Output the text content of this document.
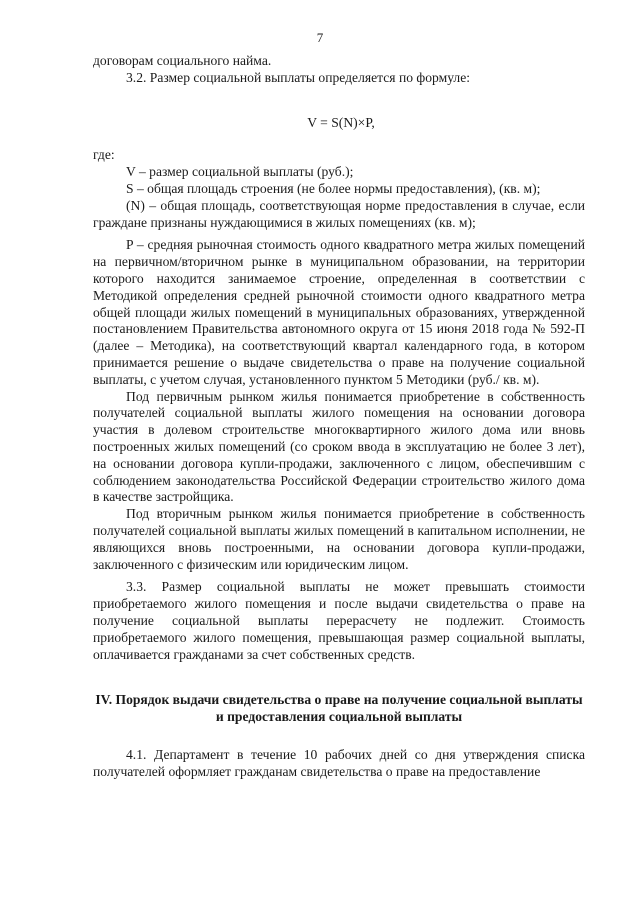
7

договорам социального найма.

3.2. Размер социальной выплаты определяется по формуле:

V = S(N)×P,

где:

V – размер социальной выплаты (руб.);

S – общая площадь строения (не более нормы предоставления), (кв. м);

(N) – общая площадь, соответствующая норме предоставления в случае, если граждане признаны нуждающимися в жилых помещениях (кв. м);

P – средняя рыночная стоимость одного квадратного метра жилых помещений на первичном/вторичном рынке в муниципальном образовании, на территории которого находится занимаемое строение, определенная в соответствии с Методикой определения средней рыночной стоимости одного квадратного метра общей площади жилых помещений в муниципальных образованиях, утвержденной постановлением Правительства автономного округа от 15 июня 2018 года № 592-П (далее – Методика), на соответствующий квартал календарного года, в котором принимается решение о выдаче свидетельства о праве на получение социальной выплаты, с учетом случая, установленного пунктом 5 Методики (руб./ кв. м).

Под первичным рынком жилья понимается приобретение в собственность получателей социальной выплаты жилого помещения на основании договора участия в долевом строительстве многоквартирного жилого дома или вновь построенных жилых помещений (со сроком ввода в эксплуатацию не более 3 лет), на основании договора купли-продажи, заключенного с лицом, обеспечившим с соблюдением законодательства Российской Федерации строительство жилого дома в качестве застройщика.

Под вторичным рынком жилья понимается приобретение в собственность получателей социальной выплаты жилых помещений в капитальном исполнении, не являющихся вновь построенными, на основании договора купли-продажи, заключенного с физическим или юридическим лицом.

3.3. Размер социальной выплаты не может превышать стоимости приобретаемого жилого помещения и после выдачи свидетельства о праве на получение социальной выплаты перерасчету не подлежит. Стоимость приобретаемого жилого помещения, превышающая размер социальной выплаты, оплачивается гражданами за счет собственных средств.

IV. Порядок выдачи свидетельства о праве на получение социальной выплаты и предоставления социальной выплаты

4.1. Департамент в течение 10 рабочих дней со дня утверждения списка получателей оформляет гражданам свидетельства о праве на предоставление
